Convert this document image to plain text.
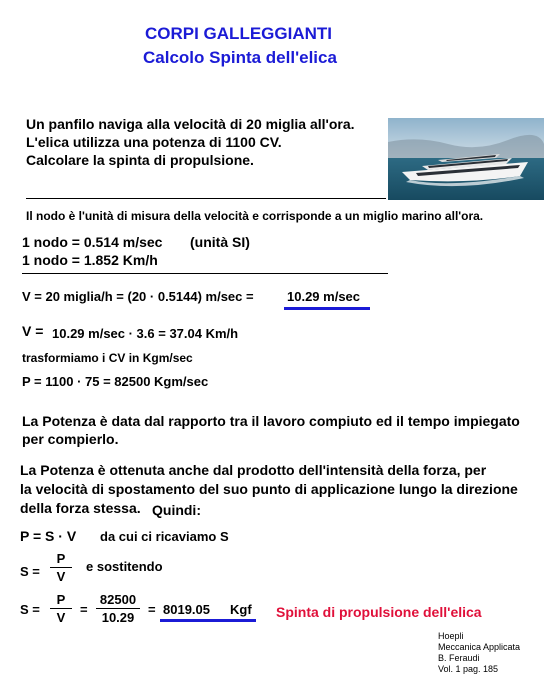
CORPI GALLEGGIANTI
Calcolo Spinta dell'elica
Un panfilo naviga alla velocità di 20 miglia all'ora.
L'elica utilizza una potenza di 1100 CV.
Calcolare la spinta di propulsione.
Il nodo è l'unità di misura della velocità e corrisponde a un miglio marino all'ora.
1 nodo = 0.514 m/sec (unità SI)
1 nodo = 1.852 Km/h
V = 20 miglia/h = (20 · 0.5144) m/sec =	10.29 m/sec
V = 10.29 m/sec · 3.6 = 37.04 Km/h
trasformiamo i CV in Kgm/sec
P = 1100 · 75 = 82500 Kgm/sec
La Potenza è data dal rapporto tra il lavoro compiuto ed il tempo impiegato
per compierlo.
La Potenza è ottenuta anche dal prodotto dell'intensità della forza, per
la velocità di spostamento del suo punto di applicazione lungo la direzione
della forza stessa. Quindi:
P = S · V da cui ci ricaviamo S
S =
P
V
e sostitendo
S =
P
V
=
82500
10.29
= 8019.05 Kgf Spinta di propulsione dell'elica
Hoepli
Meccanica Applicata
B. Feraudi
Vol. 1 pag. 185
